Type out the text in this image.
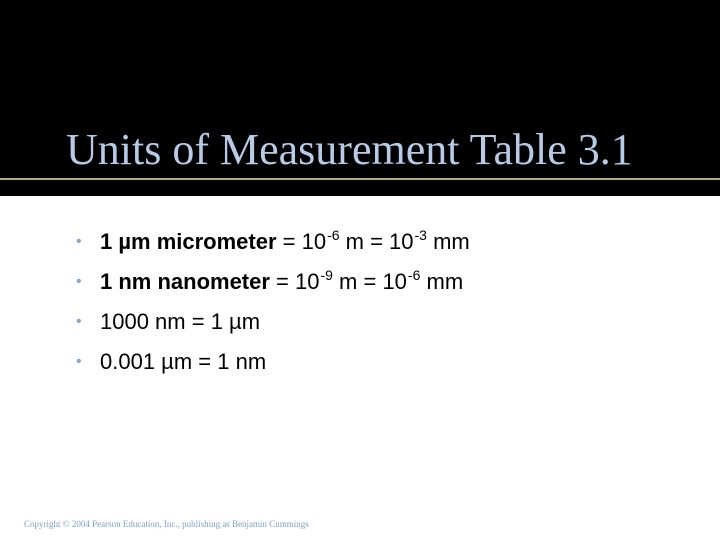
Units of Measurement Table 3.1
• 1 µm micrometer = $10^{-6}$ $m = 10^{-3}$ mm
• 1 nm nanometer = $10^{-9}$ $m = 10^{-6}$ mm
• 1000 nm = 1 µm
• 0.001 µm = 1 nm

Copyright © 2004 Pearson Education, Inc., publishing as Benjamin Cummings
